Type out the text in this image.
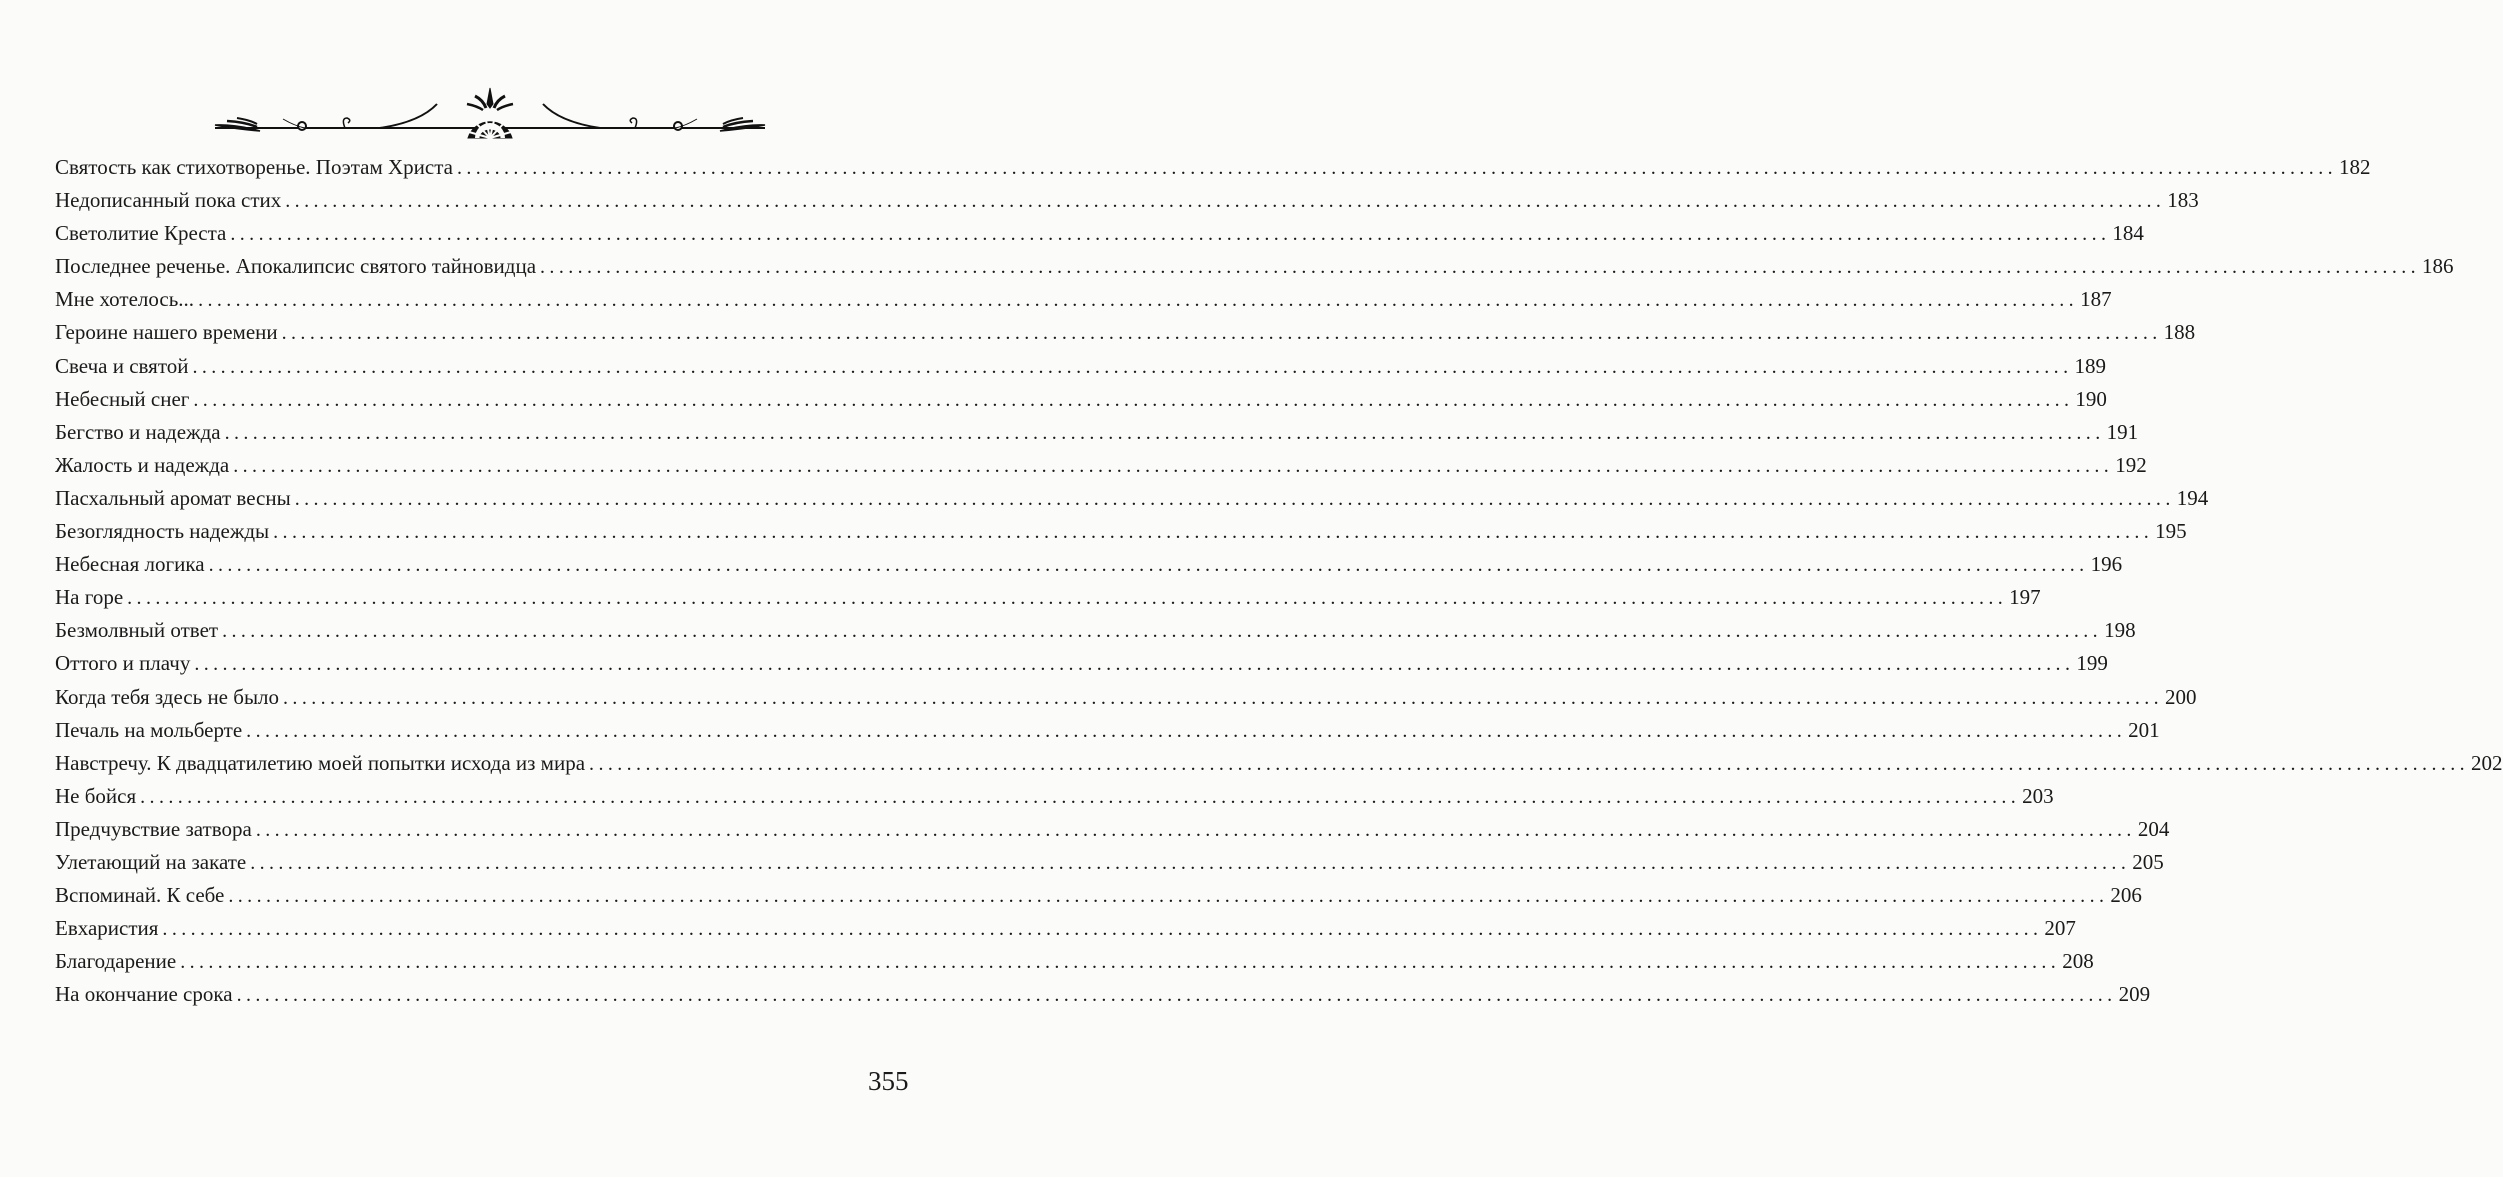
Святость как стихотворенье. Поэтам Христа ........................................................................................................................................................................................................ 182
Недописанный пока стих ........................................................................................................................................................................................................ 183
Светолитие Креста ........................................................................................................................................................................................................ 184
Последнее реченье. Апокалипсис святого тайновидца ........................................................................................................................................................................................................ 186
Мне хотелось... ........................................................................................................................................................................................................ 187
Героине нашего времени ........................................................................................................................................................................................................ 188
Свеча и святой ........................................................................................................................................................................................................ 189
Небесный снег ........................................................................................................................................................................................................ 190
Бегство и надежда ........................................................................................................................................................................................................ 191
Жалость и надежда ........................................................................................................................................................................................................ 192
Пасхальный аромат весны ........................................................................................................................................................................................................ 194
Безоглядность надежды ........................................................................................................................................................................................................ 195
Небесная логика ........................................................................................................................................................................................................ 196
На горе ........................................................................................................................................................................................................ 197
Безмолвный ответ ........................................................................................................................................................................................................ 198
Оттого и плачу ........................................................................................................................................................................................................ 199
Когда тебя здесь не было ........................................................................................................................................................................................................ 200
Печаль на мольберте ........................................................................................................................................................................................................ 201
Навстречу. К двадцатилетию моей попытки исхода из мира ........................................................................................................................................................................................................ 202
Не бойся ........................................................................................................................................................................................................ 203
Предчувствие затвора ........................................................................................................................................................................................................ 204
Улетающий на закате ........................................................................................................................................................................................................ 205
Вспоминай. К себе ........................................................................................................................................................................................................ 206
Евхаристия ........................................................................................................................................................................................................ 207
Благодарение ........................................................................................................................................................................................................ 208
На окончание срока ........................................................................................................................................................................................................ 209
355
